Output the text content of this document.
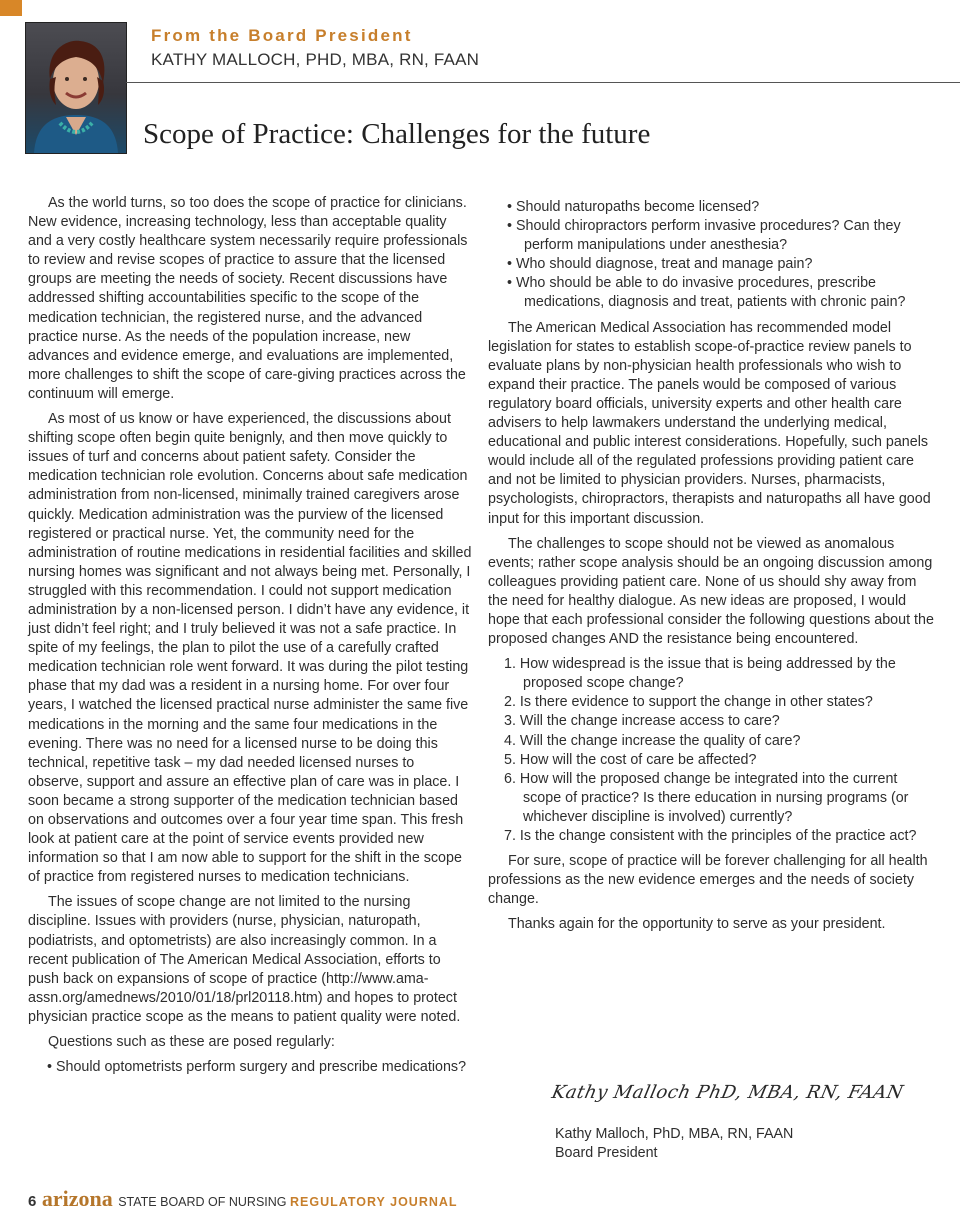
From the Board President
KATHY MALLOCH, PHD, MBA, RN, FAAN
Scope of Practice: Challenges for the future

As the world turns, so too does the scope of practice for clinicians. New evidence, increasing technology, less than acceptable quality and a very costly healthcare system necessarily require professionals to review and revise scopes of practice to assure that the licensed groups are meeting the needs of society. Recent discussions have addressed shifting accountabilities specific to the scope of the medication technician, the registered nurse, and the advanced practice nurse. As the needs of the population increase, new advances and evidence emerge, and evaluations are implemented, more challenges to shift the scope of care-giving practices across the continuum will emerge.

As most of us know or have experienced, the discussions about shifting scope often begin quite benignly, and then move quickly to issues of turf and concerns about patient safety. Consider the medication technician role evolution. Concerns about safe medication administration from non-licensed, minimally trained caregivers arose quickly. Medication administration was the purview of the licensed registered or practical nurse. Yet, the community need for the administration of routine medications in residential facilities and skilled nursing homes was significant and not always being met. Personally, I struggled with this recommendation. I could not support medication administration by a non-licensed person. I didn’t have any evidence, it just didn’t feel right; and I truly believed it was not a safe practice. In spite of my feelings, the plan to pilot the use of a carefully crafted medication technician role went forward. It was during the pilot testing phase that my dad was a resident in a nursing home. For over four years, I watched the licensed practical nurse administer the same five medications in the morning and the same four medications in the evening. There was no need for a licensed nurse to be doing this technical, repetitive task – my dad needed licensed nurses to observe, support and assure an effective plan of care was in place. I soon became a strong supporter of the medication technician based on observations and outcomes over a four year time span. This fresh look at patient care at the point of service events provided new information so that I am now able to support for the shift in the scope of practice from registered nurses to medication technicians.

The issues of scope change are not limited to the nursing discipline. Issues with providers (nurse, physician, naturopath, podiatrists, and optometrists) are also increasingly common. In a recent publication of The American Medical Association, efforts to push back on expansions of scope of practice (http://www.ama-assn.org/amednews/2010/01/18/prl20118.htm) and hopes to protect physician practice scope as the means to patient quality were noted.

Questions such as these are posed regularly:

• Should optometrists perform surgery and prescribe medications?
• Should naturopaths become licensed?
• Should chiropractors perform invasive procedures? Can they perform manipulations under anesthesia?
• Who should diagnose, treat and manage pain?
• Who should be able to do invasive procedures, prescribe medications, diagnosis and treat, patients with chronic pain?

The American Medical Association has recommended model legislation for states to establish scope-of-practice review panels to evaluate plans by non-physician health professionals who wish to expand their practice. The panels would be composed of various regulatory board officials, university experts and other health care advisers to help lawmakers understand the underlying medical, educational and public interest considerations. Hopefully, such panels would include all of the regulated professions providing patient care and not be limited to physician providers. Nurses, pharmacists, psychologists, chiropractors, therapists and naturopaths all have good input for this important discussion.

The challenges to scope should not be viewed as anomalous events; rather scope analysis should be an ongoing discussion among colleagues providing patient care. None of us should shy away from the need for healthy dialogue. As new ideas are proposed, I would hope that each professional consider the following questions about the proposed changes AND the resistance being encountered.

1. How widespread is the issue that is being addressed by the proposed scope change?
2. Is there evidence to support the change in other states?
3. Will the change increase access to care?
4. Will the change increase the quality of care?
5. How will the cost of care be affected?
6. How will the proposed change be integrated into the current scope of practice? Is there education in nursing programs (or whichever discipline is involved) currently?
7. Is the change consistent with the principles of the practice act?

For sure, scope of practice will be forever challenging for all health professions as the new evidence emerges and the needs of society change.

Thanks again for the opportunity to serve as your president.

Kathy Malloch PhD, MBA, RN, FAAN
Kathy Malloch, PhD, MBA, RN, FAAN
Board President
6 arizona STATE BOARD OF NURSING REGULATORY JOURNAL
